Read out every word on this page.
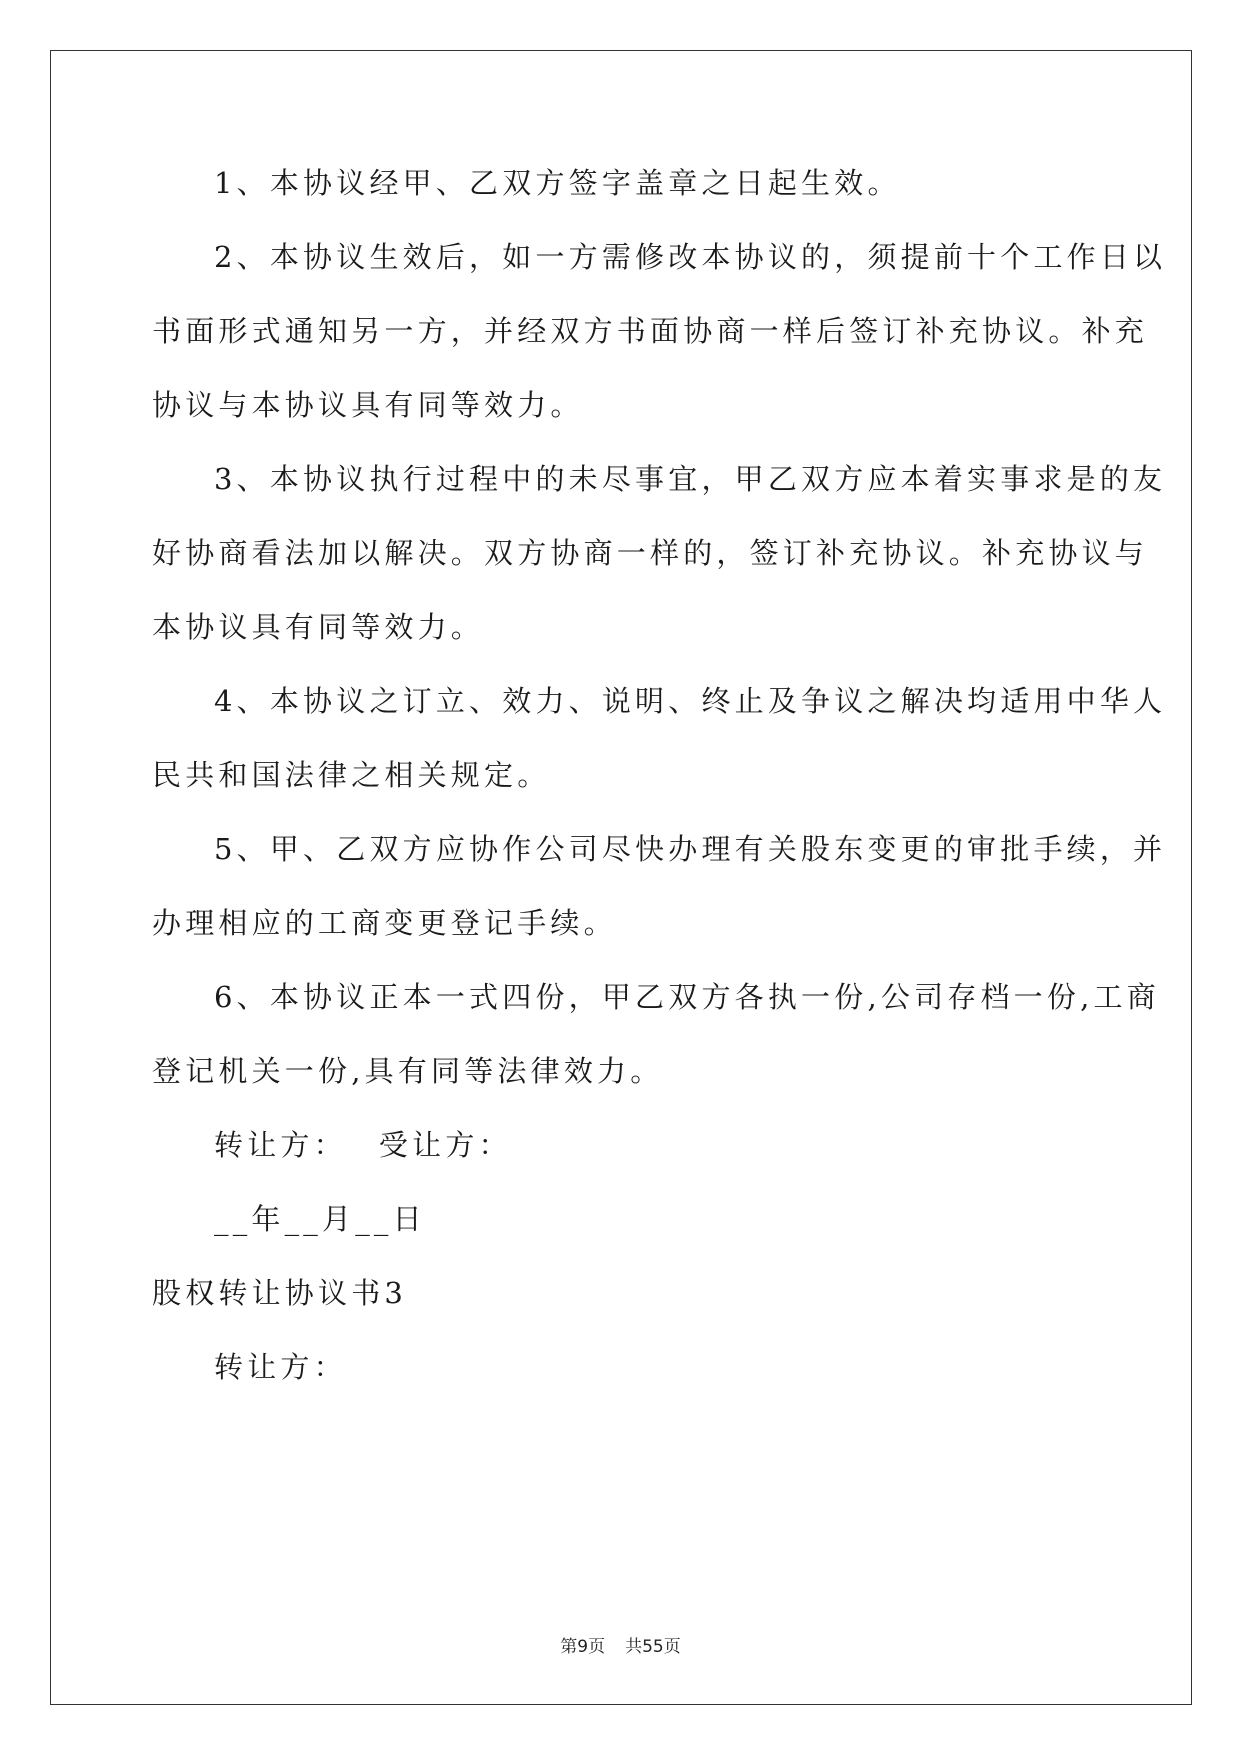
1、本协议经甲、乙双方签字盖章之日起生效。
2、本协议生效后，如一方需修改本协议的，须提前十个工作日以
书面形式通知另一方，并经双方书面协商一样后签订补充协议。补充
协议与本协议具有同等效力。
3、本协议执行过程中的未尽事宜，甲乙双方应本着实事求是的友
好协商看法加以解决。双方协商一样的，签订补充协议。补充协议与
本协议具有同等效力。
4、本协议之订立、效力、说明、终止及争议之解决均适用中华人
民共和国法律之相关规定。
5、甲、乙双方应协作公司尽快办理有关股东变更的审批手续，并
办理相应的工商变更登记手续。
6、本协议正本一式四份，甲乙双方各执一份,公司存档一份,工商
登记机关一份,具有同等法律效力。
转让方：　 受让方：
__年__月__日
股权转让协议书3
转让方：
第9页 共55页
